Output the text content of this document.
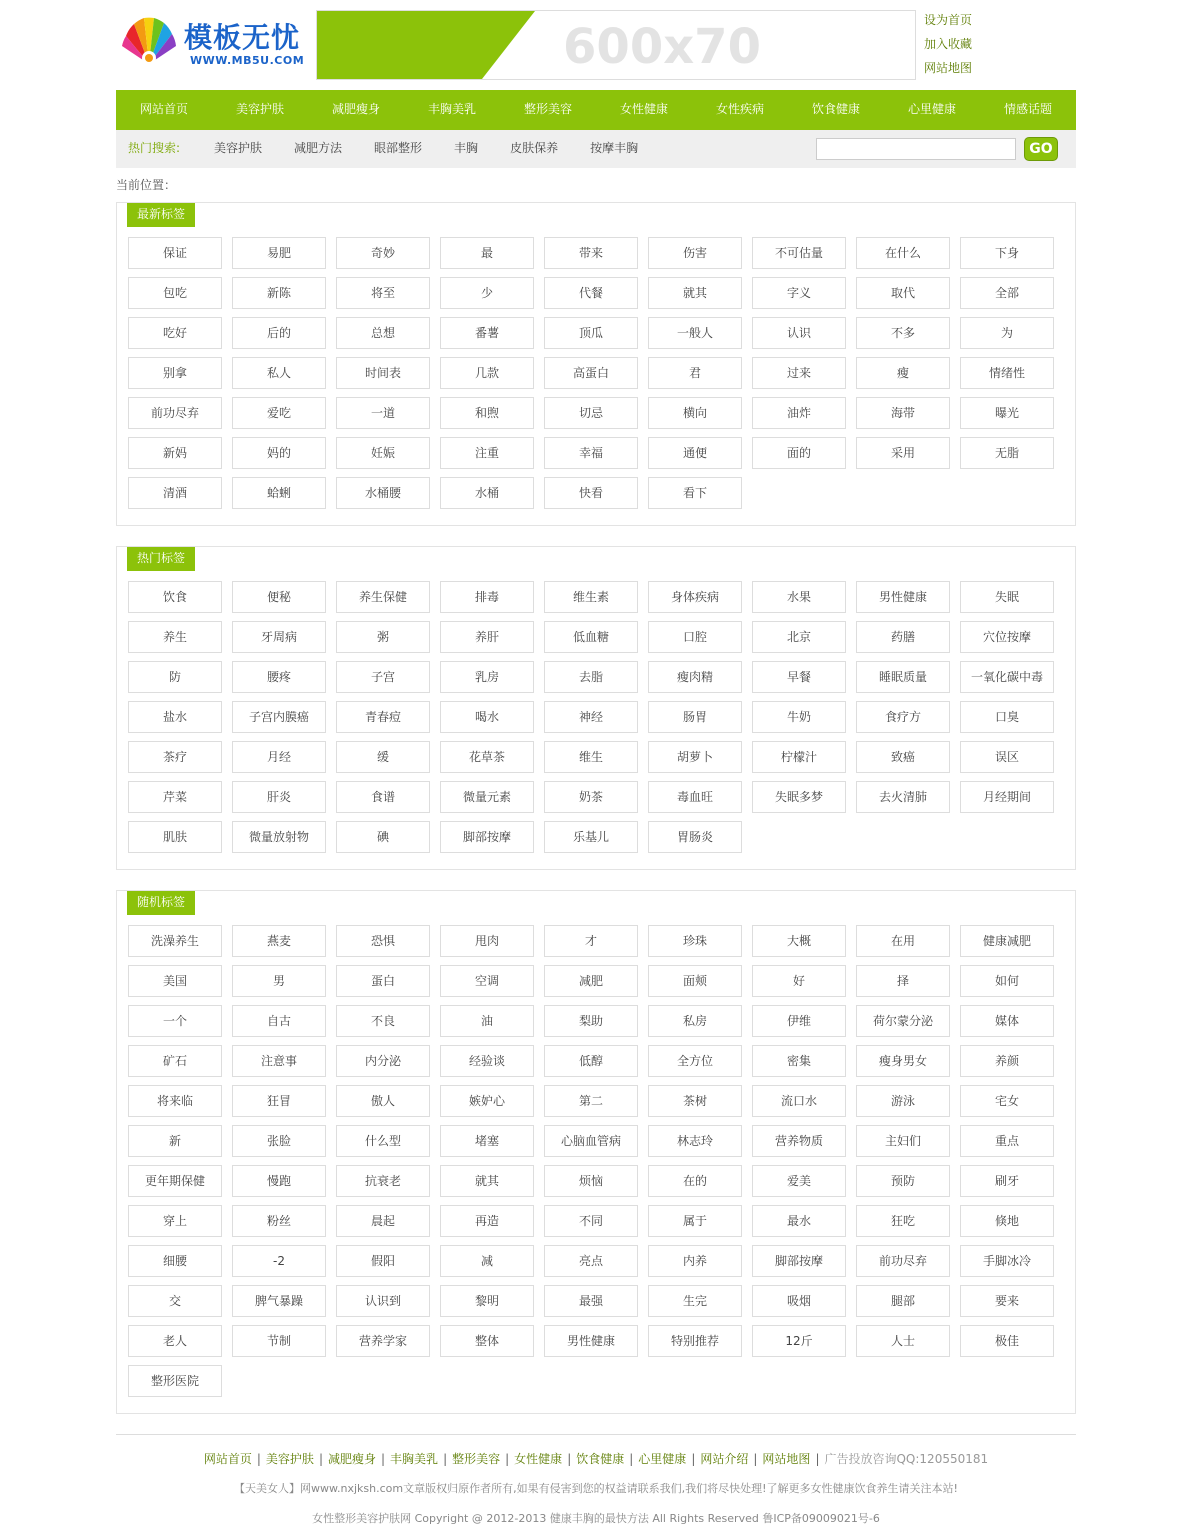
模板无忧
WWW.MB5U.COM	600x70	设为首页
加入收藏
网站地图
网站首页	美容护肤	减肥瘦身	丰胸美乳	整形美容	女性健康	女性疾病	饮食健康	心里健康	情感话题
热门搜索:	美容护肤	减肥方法	眼部整形	丰胸	皮肤保养	按摩丰胸	GO
当前位置：
最新标签
保证	易肥	奇妙	最	带来	伤害	不可估量	在什么	下身
包吃	新陈	将至	少	代餐	就其	字义	取代	全部
吃好	后的	总想	番薯	顶瓜	一般人	认识	不多	为
别拿	私人	时间表	几款	高蛋白	君	过来	瘦	情绪性
前功尽弃	爱吃	一道	和煦	切忌	横向	油炸	海带	曝光
新妈	妈的	妊娠	注重	幸福	通便	面的	采用	无脂
清酒	蛤蜊	水桶腰	水桶	快看	看下
热门标签
饮食	便秘	养生保健	排毒	维生素	身体疾病	水果	男性健康	失眠
养生	牙周病	粥	养肝	低血糖	口腔	北京	药膳	穴位按摩
防	腰疼	子宫	乳房	去脂	瘦肉精	早餐	睡眠质量	一氧化碳中毒
盐水	子宫内膜癌	青春痘	喝水	神经	肠胃	牛奶	食疗方	口臭
茶疗	月经	缓	花草茶	维生	胡萝卜	柠檬汁	致癌	误区
芹菜	肝炎	食谱	微量元素	奶茶	毒血旺	失眠多梦	去火清肺	月经期间
肌肤	微量放射物	碘	脚部按摩	乐基儿	胃肠炎
随机标签
洗澡养生	燕麦	恐惧	甩肉	才	珍珠	大概	在用	健康减肥
美国	男	蛋白	空调	减肥	面颊	好	择	如何
一个	自古	不良	油	梨助	私房	伊维	荷尔蒙分泌	媒体
矿石	注意事	内分泌	经验谈	低醇	全方位	密集	瘦身男女	养颜
将来临	狂冒	傲人	嫉妒心	第二	茶树	流口水	游泳	宅女
新	张脸	什么型	堵塞	心脑血管病	林志玲	营养物质	主妇们	重点
更年期保健	慢跑	抗衰老	就其	烦恼	在的	爱美	预防	刷牙
穿上	粉丝	晨起	再造	不同	属于	最水	狂吃	倏地
细腰	-2	假阳	减	亮点	内养	脚部按摩	前功尽弃	手脚冰冷
交	脾气暴躁	认识到	黎明	最强	生完	吸烟	腿部	要来
老人	节制	营养学家	整体	男性健康	特别推荐	12斤	人士	极佳
整形医院
网站首页 | 美容护肤 | 减肥瘦身 | 丰胸美乳 | 整形美容 | 女性健康 | 饮食健康 | 心里健康 | 网站介绍 | 网站地图 | 广告投放咨询QQ:120550181

【天美女人】网www.nxjksh.com文章版权归原作者所有,如果有侵害到您的权益请联系我们,我们将尽快处理!了解更多女性健康饮食养生请关注本站!

女性整形美容护肤网 Copyright @ 2012-2013 健康丰胸的最快方法 All Rights Reserved 鲁ICP备09009021号-6
